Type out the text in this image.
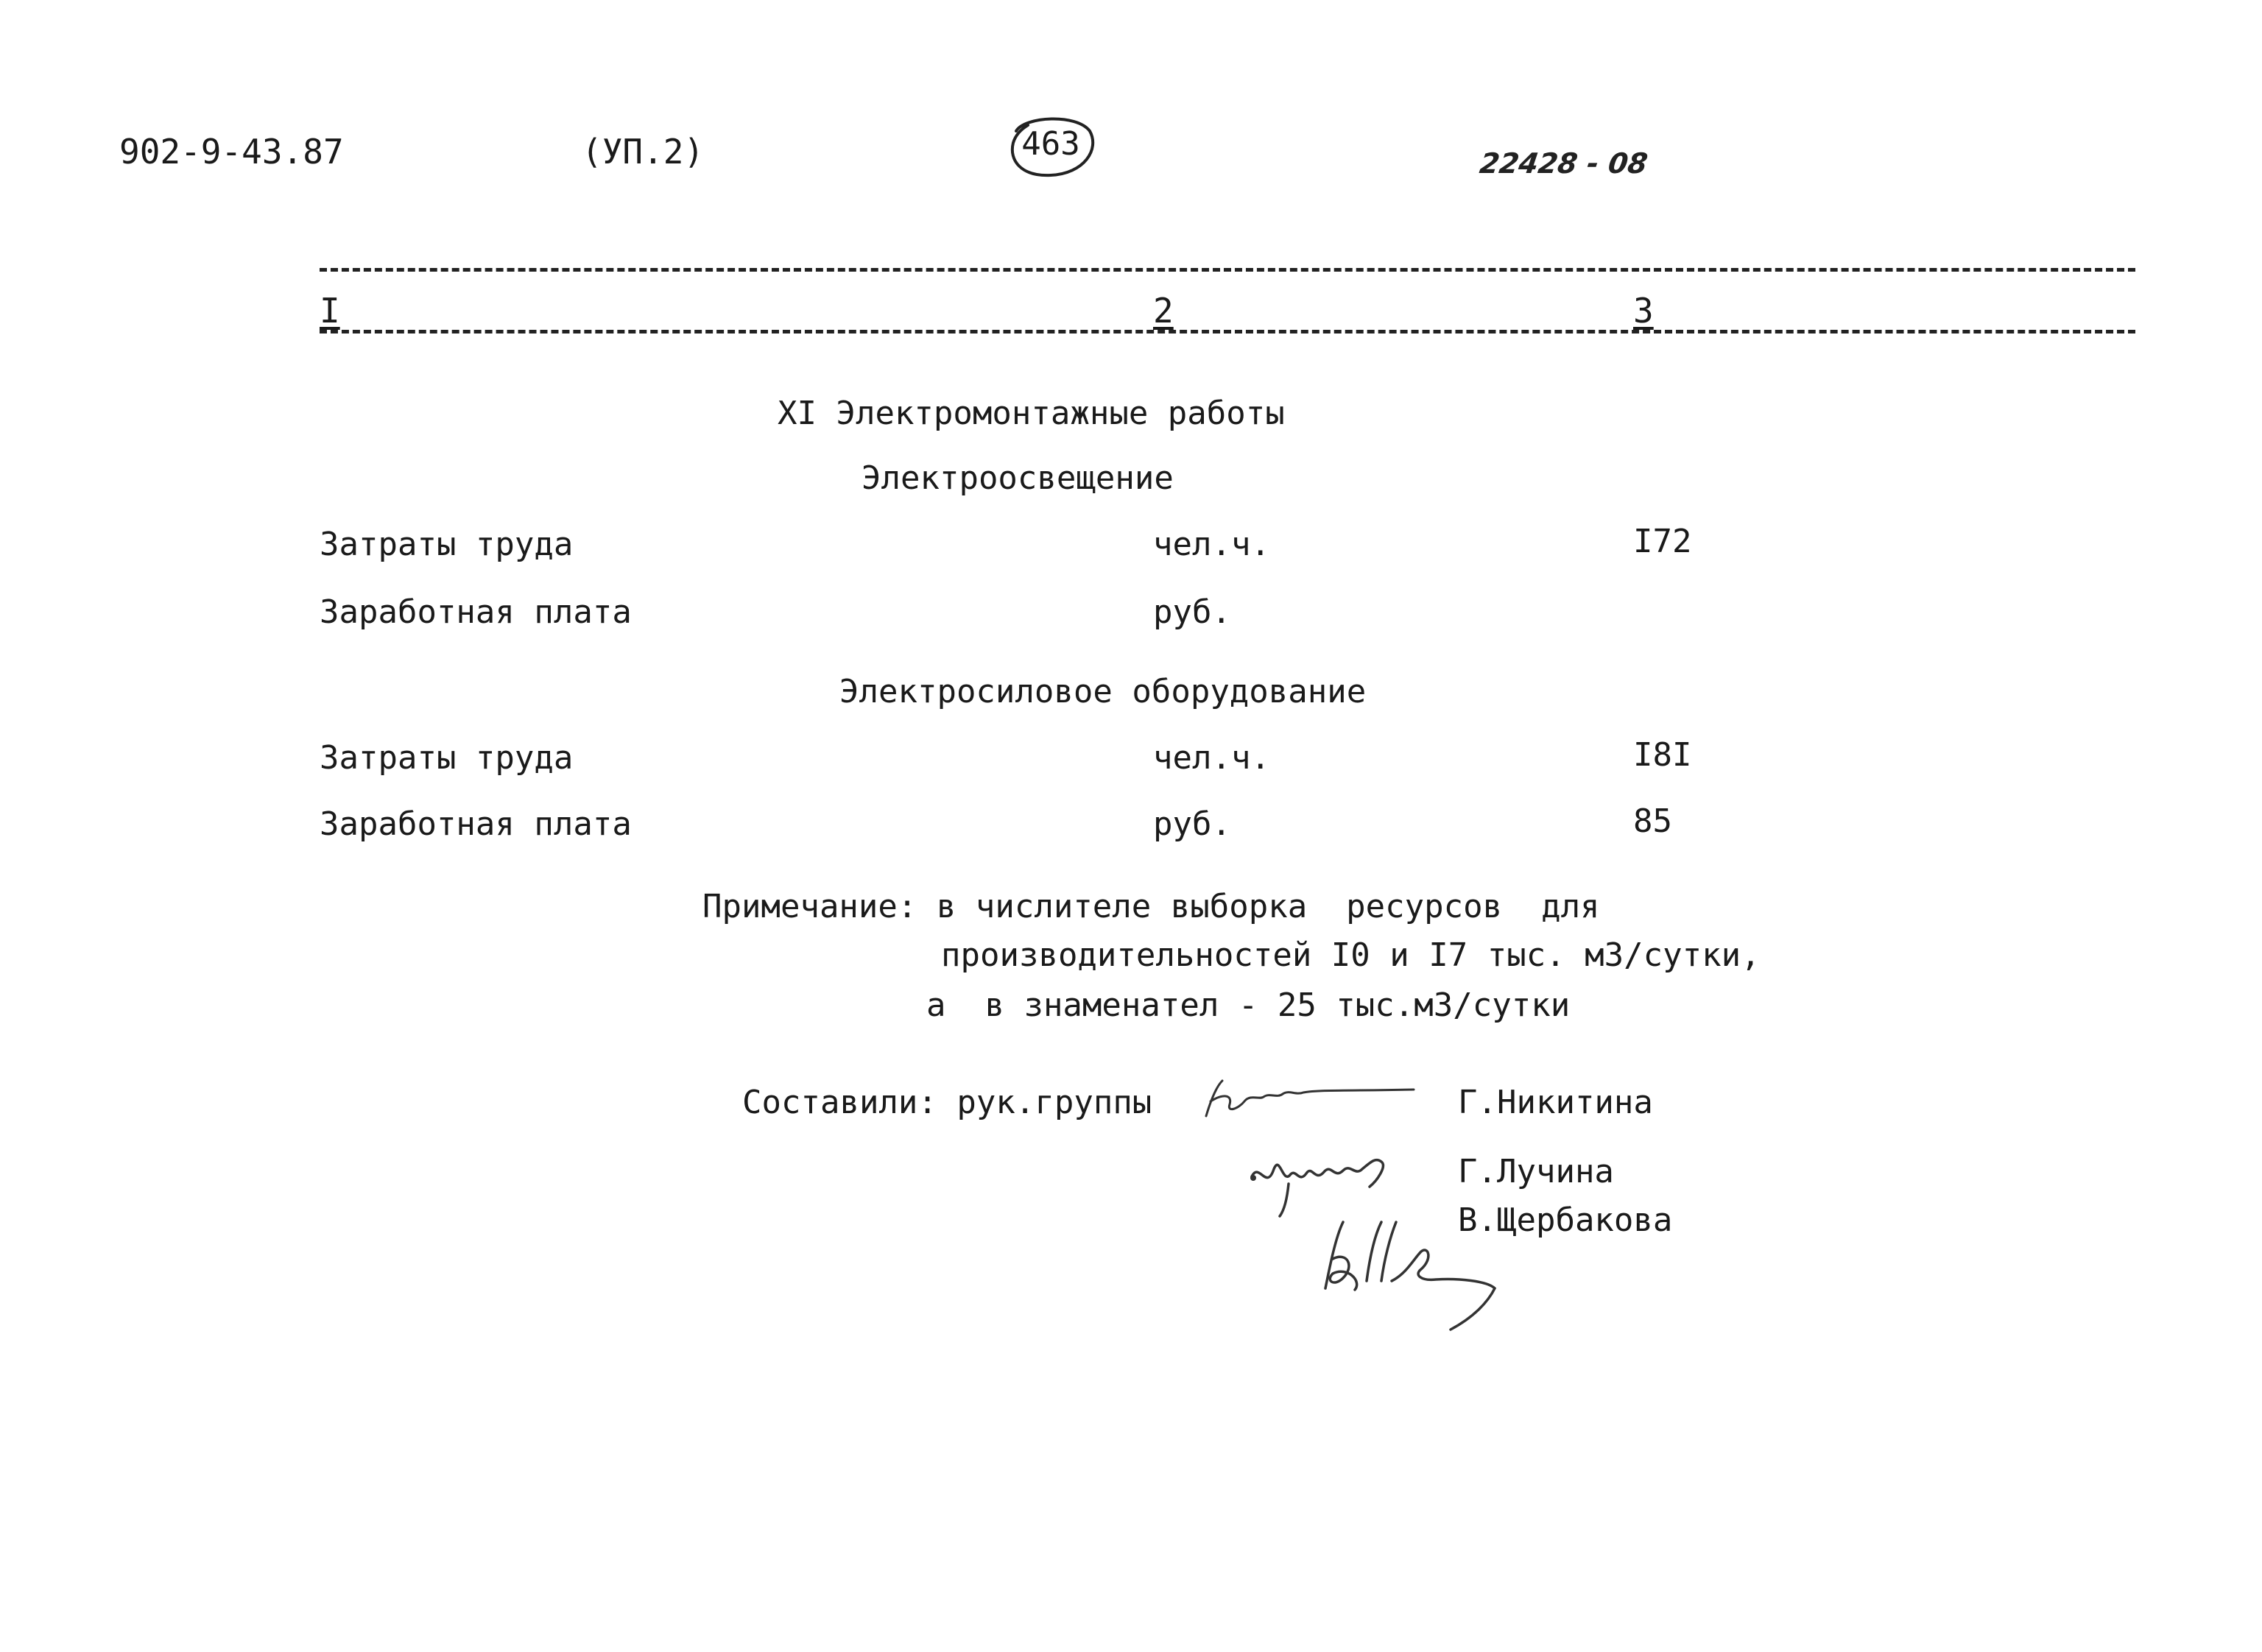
902-9-43.87	(УП.2)	463
22428 - 08
I	2	3
XI Электромонтажные работы
Электроосвещение
Затраты труда	чел.ч.	I72
Заработная плата	руб.
Электросиловое оборудование
Затраты труда	чел.ч.	I8I
Заработная плата	руб.	85
Примечание: в числителе выборка  ресурсов  для
производительностей I0 и I7 тыс. м3/сутки,
а  в знаменател - 25 тыс.м3/сутки
Составили: рук.группы	Г.Никитина
Г.Лучина
В.Щербакова
